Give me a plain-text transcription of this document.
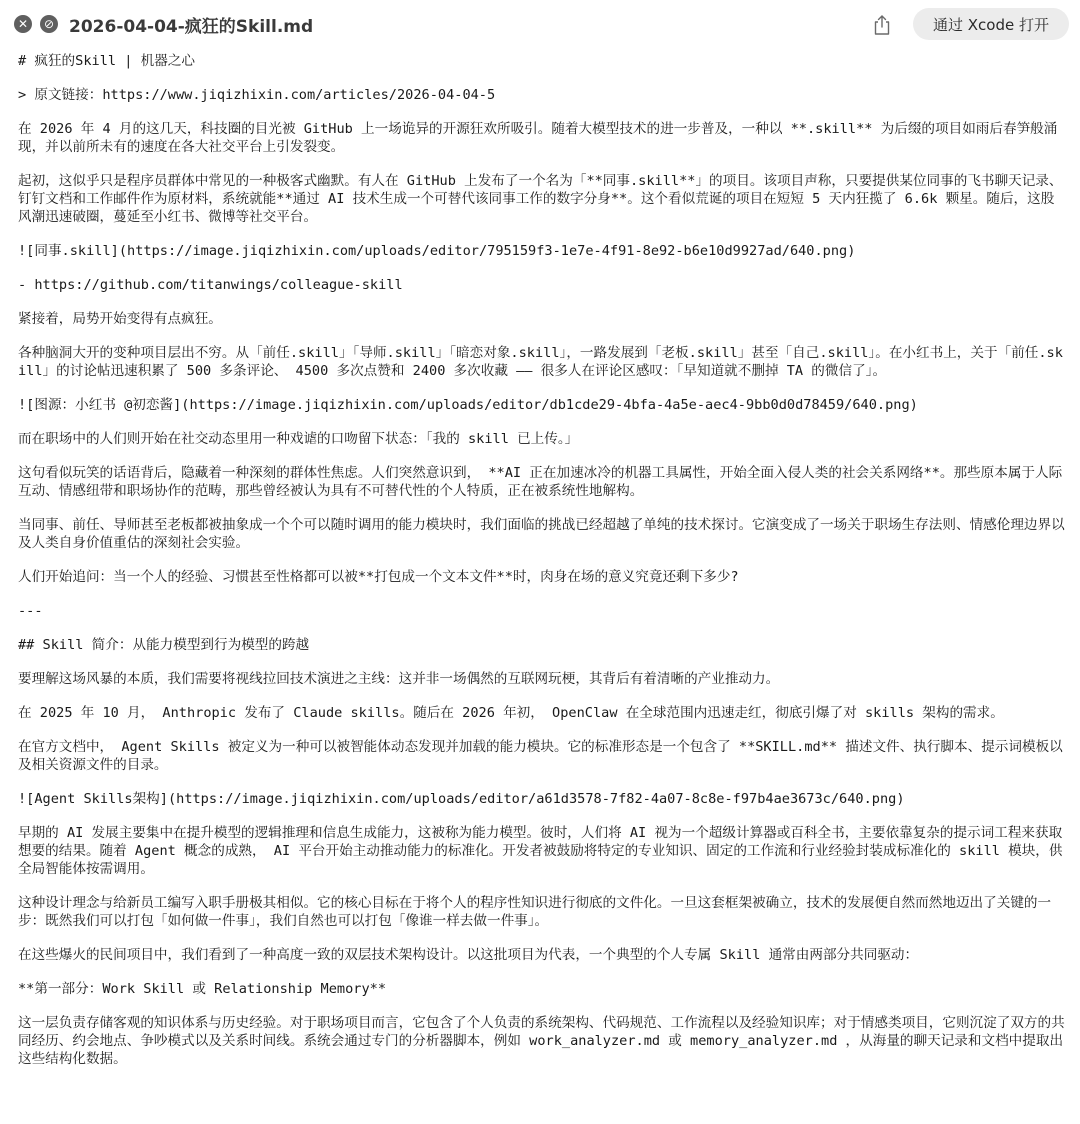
✕	⊘ 2026-04-04-疯狂的Skill.md	通过 Xcode 打开

# 疯狂的Skill | 机器之心

> 原文链接：https://www.jiqizhixin.com/articles/2026-04-04-5

在 2026 年 4 月的这几天，科技圈的目光被 GitHub 上一场诡异的开源狂欢所吸引。随着大模型技术的进一步普及，一种以 **.skill** 为后缀的项目如雨后春笋般涌现，并以前所未有的速度在各大社交平台上引发裂变。

起初，这似乎只是程序员群体中常见的一种极客式幽默。有人在 GitHub 上发布了一个名为「**同事.skill**」的项目。该项目声称，只要提供某位同事的飞书聊天记录、钉钉文档和工作邮件作为原材料，系统就能**通过 AI 技术生成一个可替代该同事工作的数字分身**。这个看似荒诞的项目在短短 5 天内狂揽了 6.6k 颗星。随后，这股风潮迅速破圈，蔓延至小红书、微博等社交平台。

![同事.skill](https://image.jiqizhixin.com/uploads/editor/795159f3-1e7e-4f91-8e92-b6e10d9927ad/640.png)

- https://github.com/titanwings/colleague-skill

紧接着，局势开始变得有点疯狂。

各种脑洞大开的变种项目层出不穷。从「前任.skill」「导师.skill」「暗恋对象.skill」，一路发展到「老板.skill」甚至「自己.skill」。在小红书上，关于「前任.skill」的讨论帖迅速积累了 500 多条评论、 4500 多次点赞和 2400 多次收藏 —— 很多人在评论区感叹：「早知道就不删掉 TA 的微信了」。

![图源：小红书 @初恋酱](https://image.jiqizhixin.com/uploads/editor/db1cde29-4bfa-4a5e-aec4-9bb0d0d78459/640.png)

而在职场中的人们则开始在社交动态里用一种戏谑的口吻留下状态：「我的 skill 已上传。」

这句看似玩笑的话语背后，隐藏着一种深刻的群体性焦虑。人们突然意识到， **AI 正在加速冰冷的机器工具属性，开始全面入侵人类的社会关系网络**。那些原本属于人际互动、情感纽带和职场协作的范畴，那些曾经被认为具有不可替代性的个人特质，正在被系统性地解构。

当同事、前任、导师甚至老板都被抽象成一个个可以随时调用的能力模块时，我们面临的挑战已经超越了单纯的技术探讨。它演变成了一场关于职场生存法则、情感伦理边界以及人类自身价值重估的深刻社会实验。

人们开始追问：当一个人的经验、习惯甚至性格都可以被**打包成一个文本文件**时，肉身在场的意义究竟还剩下多少?

---

## Skill 简介：从能力模型到行为模型的跨越

要理解这场风暴的本质，我们需要将视线拉回技术演进之主线：这并非一场偶然的互联网玩梗，其背后有着清晰的产业推动力。

在 2025 年 10 月， Anthropic 发布了 Claude skills。随后在 2026 年初， OpenClaw 在全球范围内迅速走红，彻底引爆了对 skills 架构的需求。

在官方文档中， Agent Skills 被定义为一种可以被智能体动态发现并加载的能力模块。它的标准形态是一个包含了 **SKILL.md** 描述文件、执行脚本、提示词模板以及相关资源文件的目录。

![Agent Skills架构](https://image.jiqizhixin.com/uploads/editor/a61d3578-7f82-4a07-8c8e-f97b4ae3673c/640.png)

早期的 AI 发展主要集中在提升模型的逻辑推理和信息生成能力，这被称为能力模型。彼时，人们将 AI 视为一个超级计算器或百科全书，主要依靠复杂的提示词工程来获取想要的结果。随着 Agent 概念的成熟， AI 平台开始主动推动能力的标准化。开发者被鼓励将特定的专业知识、固定的工作流和行业经验封装成标准化的 skill 模块，供全局智能体按需调用。

这种设计理念与给新员工编写入职手册极其相似。它的核心目标在于将个人的程序性知识进行彻底的文件化。一旦这套框架被确立，技术的发展便自然而然地迈出了关键的一步：既然我们可以打包「如何做一件事」，我们自然也可以打包「像谁一样去做一件事」。

在这些爆火的民间项目中，我们看到了一种高度一致的双层技术架构设计。以这批项目为代表，一个典型的个人专属 Skill 通常由两部分共同驱动：

**第一部分：Work Skill 或 Relationship Memory**

这一层负责存储客观的知识体系与历史经验。对于职场项目而言，它包含了个人负责的系统架构、代码规范、工作流程以及经验知识库；对于情感类项目，它则沉淀了双方的共同经历、约会地点、争吵模式以及关系时间线。系统会通过专门的分析器脚本，例如 work_analyzer.md 或 memory_analyzer.md ，从海量的聊天记录和文档中提取出这些结构化数据。
